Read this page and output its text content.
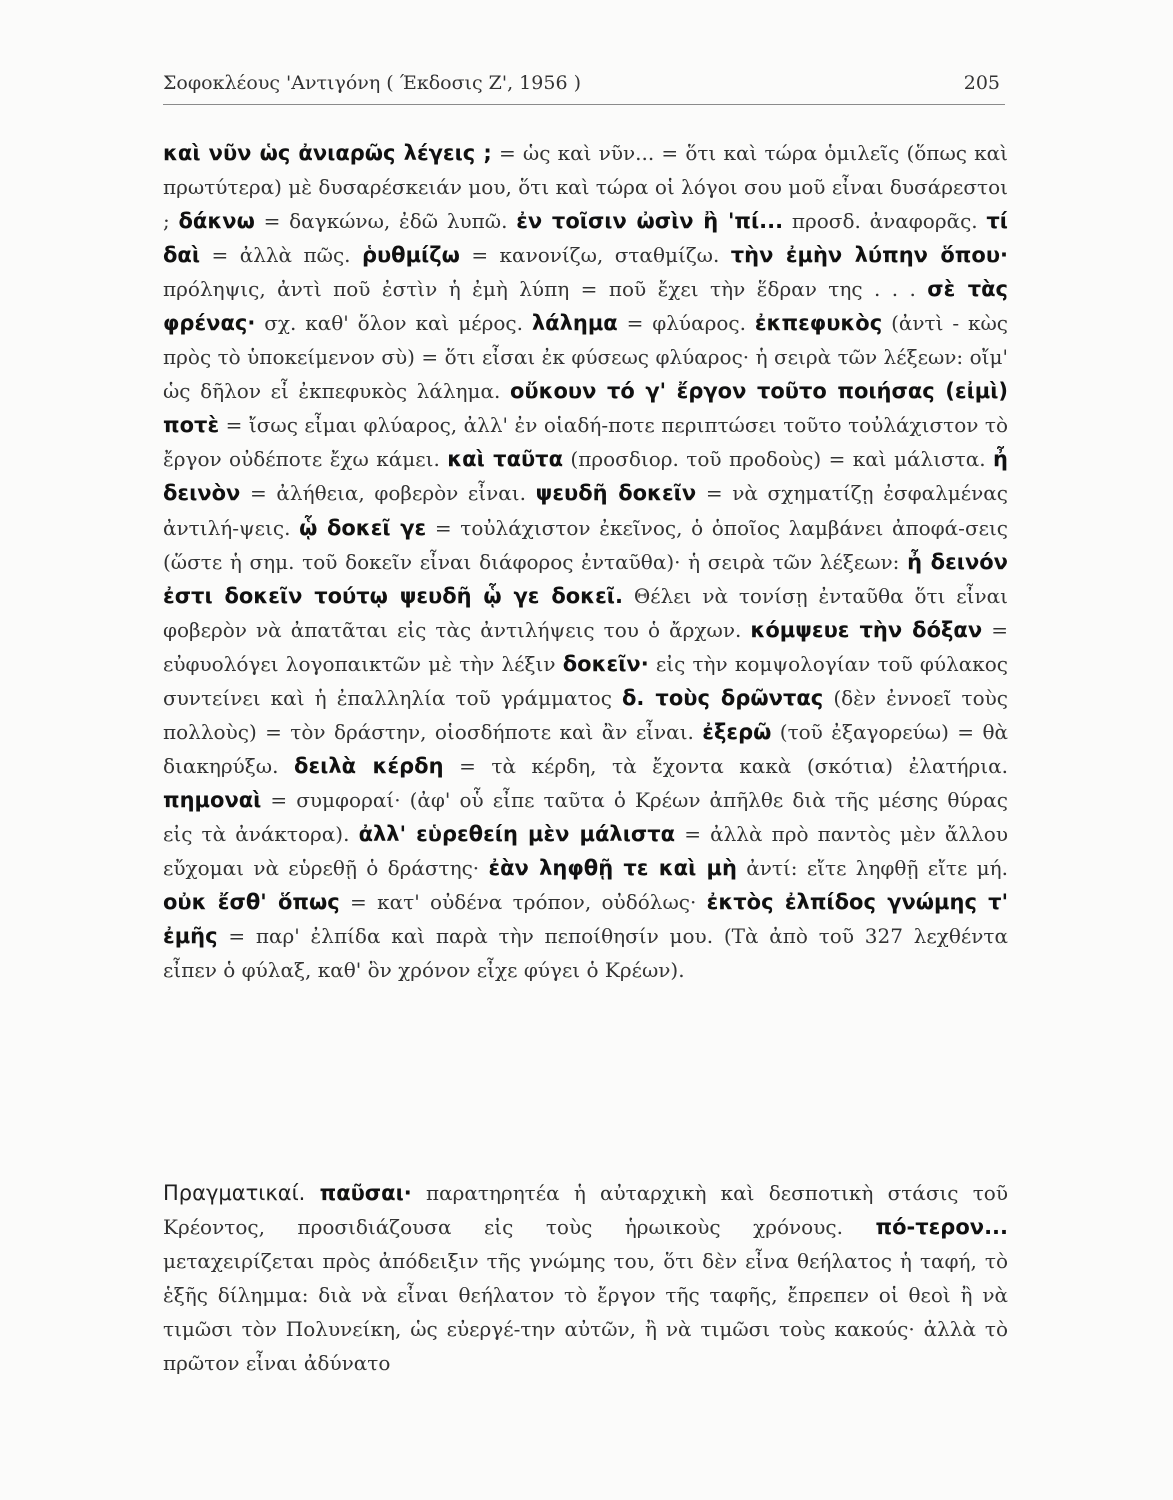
Σοφοκλέους 'Αντιγόνη ( Έκδοσις Ζ', 1956 )	205

καὶ νῦν ὡς ἀνιαρῶς λέγεις ; = ὡς καὶ νῦν... = ὅτι καὶ τώρα ὁμιλεῖς (ὅπως καὶ πρωτύτερα) μὲ δυσαρέσκειάν μου, ὅτι καὶ τώρα οἱ λόγοι σου μοῦ εἶναι δυσάρεστοι ; δάκνω = δαγκώνω, ἐδῶ λυπῶ. ἐν τοῖσιν ὠσὶν ἢ 'πί... προσδ. ἀναφορᾶς. τί δαὶ = ἀλλὰ πῶς. ῥυθμίζω = κανονίζω, σταθμίζω. τὴν ἐμὴν λύπην ὅπου· πρόληψις, ἀντὶ ποῦ ἐστὶν ἡ ἐμὴ λύπη = ποῦ ἔχει τὴν ἕδραν της . . . σὲ τὰς φρένας· σχ. καθ' ὅλον καὶ μέρος. λάλημα = φλύαρος. ἐκπεφυκὸς (ἀντὶ - κὼς πρὸς τὸ ὑποκείμενον σὺ) = ὅτι εἶσαι ἐκ φύσεως φλύαρος· ἡ σειρὰ τῶν λέξεων: οἴμ' ὡς δῆλον εἶ ἐκπεφυκὸς λάλημα. οὔκουν τό γ' ἔργον τοῦτο ποιήσας (εἰμὶ) ποτὲ = ἴσως εἶμαι φλύαρος, ἀλλ' ἐν οἱαδή-ποτε περιπτώσει τοῦτο τοὐλάχιστον τὸ ἔργον οὐδέποτε ἔχω κάμει. καὶ ταῦτα (προσδιορ. τοῦ προδοὺς) = καὶ μάλιστα. ἦ δεινὸν = ἀλήθεια, φοβερὸν εἶναι. ψευδῆ δοκεῖν = νὰ σχηματίζῃ ἐσφαλμένας ἀντιλή-ψεις. ᾧ δοκεῖ γε = τοὐλάχιστον ἐκεῖνος, ὁ ὁποῖος λαμβάνει ἀποφά-σεις (ὥστε ἡ σημ. τοῦ δοκεῖν εἶναι διάφορος ἐνταῦθα)· ἡ σειρὰ τῶν λέξεων: ἦ δεινόν ἐστι δοκεῖν τούτῳ ψευδῆ ᾧ γε δοκεῖ. Θέλει νὰ τονίσῃ ἐνταῦθα ὅτι εἶναι φοβερὸν νὰ ἀπατᾶται εἰς τὰς ἀντιλήψεις του ὁ ἄρχων. κόμψευε τὴν δόξαν = εὐφυολόγει λογοπαικτῶν μὲ τὴν λέξιν δοκεῖν· εἰς τὴν κομψολογίαν τοῦ φύλακος συντείνει καὶ ἡ ἐπαλληλία τοῦ γράμματος δ. τοὺς δρῶντας (δὲν ἐννοεῖ τοὺς πολλοὺς) = τὸν δράστην, οἱοσδήποτε καὶ ἂν εἶναι. ἐξερῶ (τοῦ ἐξαγορεύω) = θὰ διακηρύξω. δειλὰ κέρδη = τὰ κέρδη, τὰ ἔχοντα κακὰ (σκότια) ἐλατήρια. πημοναὶ = συμφοραί· (ἀφ' οὗ εἶπε ταῦτα ὁ Κρέων ἀπῆλθε διὰ τῆς μέσης θύρας εἰς τὰ ἀνάκτορα). ἀλλ' εὑρεθείη μὲν μάλιστα = ἀλλὰ πρὸ παντὸς μὲν ἄλλου εὔχομαι νὰ εὑρεθῇ ὁ δράστης· ἐὰν ληφθῇ τε καὶ μὴ ἀντί: εἴτε ληφθῇ εἴτε μή. οὐκ ἔσθ' ὅπως = κατ' οὐδένα τρόπον, οὐδόλως· ἐκτὸς ἐλπίδος γνώμης τ' ἐμῆς = παρ' ἐλπίδα καὶ παρὰ τὴν πεποίθησίν μου. (Τὰ ἀπὸ τοῦ 327 λεχθέντα εἶπεν ὁ φύλαξ, καθ' ὃν χρόνον εἶχε φύγει ὁ Κρέων).

Πραγματικαί. παῦσαι· παρατηρητέα ἡ αὐταρχικὴ καὶ δεσποτικὴ στάσις τοῦ Κρέοντος, προσιδιάζουσα εἰς τοὺς ἡρωικοὺς χρόνους. πό-τερον... μεταχειρίζεται πρὸς ἀπόδειξιν τῆς γνώμης του, ὅτι δὲν εἶνα θεήλατος ἡ ταφή, τὸ ἑξῆς δίλημμα: διὰ νὰ εἶναι θεήλατον τὸ ἔργον τῆς ταφῆς, ἔπρεπεν οἱ θεοὶ ἢ νὰ τιμῶσι τὸν Πολυνείκη, ὡς εὐεργέ-την αὐτῶν, ἢ νὰ τιμῶσι τοὺς κακούς· ἀλλὰ τὸ πρῶτον εἶναι ἀδύνατο
